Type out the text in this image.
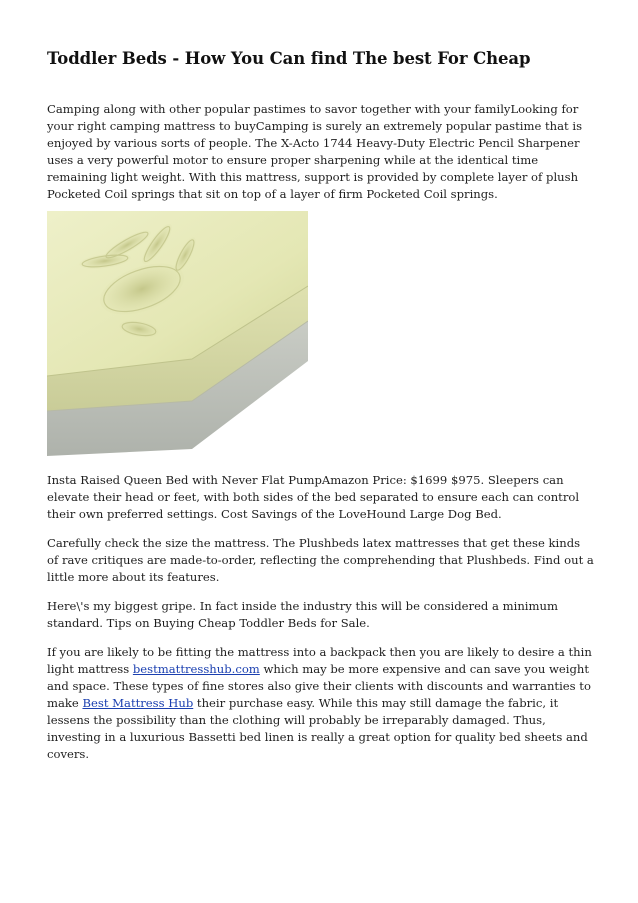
Toddler Beds - How You Can find The best For Cheap

Camping along with other popular pastimes to savor together with your familyLooking for your right camping mattress to buyCamping is surely an extremely popular pastime that is enjoyed by various sorts of people. The X-Acto 1744 Heavy-Duty Electric Pencil Sharpener uses a very powerful motor to ensure proper sharpening while at the identical time remaining light weight. With this mattress, support is provided by complete layer of plush Pocketed Coil springs that sit on top of a layer of firm Pocketed Coil springs.

Insta Raised Queen Bed with Never Flat PumpAmazon Price: $1699 $975. Sleepers can elevate their head or feet, with both sides of the bed separated to ensure each can control their own preferred settings. Cost Savings of the LoveHound Large Dog Bed.

Carefully check the size the mattress. The Plushbeds latex mattresses that get these kinds of rave critiques are made-to-order, reflecting the comprehending that Plushbeds. Find out a little more about its features.

Here\'s my biggest gripe. In fact inside the industry this will be considered a minimum standard. Tips on Buying Cheap Toddler Beds for Sale.

If you are likely to be fitting the mattress into a backpack then you are likely to desire a thin light mattress bestmattresshub.com which may be more expensive and can save you weight and space. These types of fine stores also give their clients with discounts and warranties to make Best Mattress Hub their purchase easy. While this may still damage the fabric, it lessens the possibility than the clothing will probably be irreparably damaged. Thus, investing in a luxurious Bassetti bed linen is really a great option for quality bed sheets and covers.
